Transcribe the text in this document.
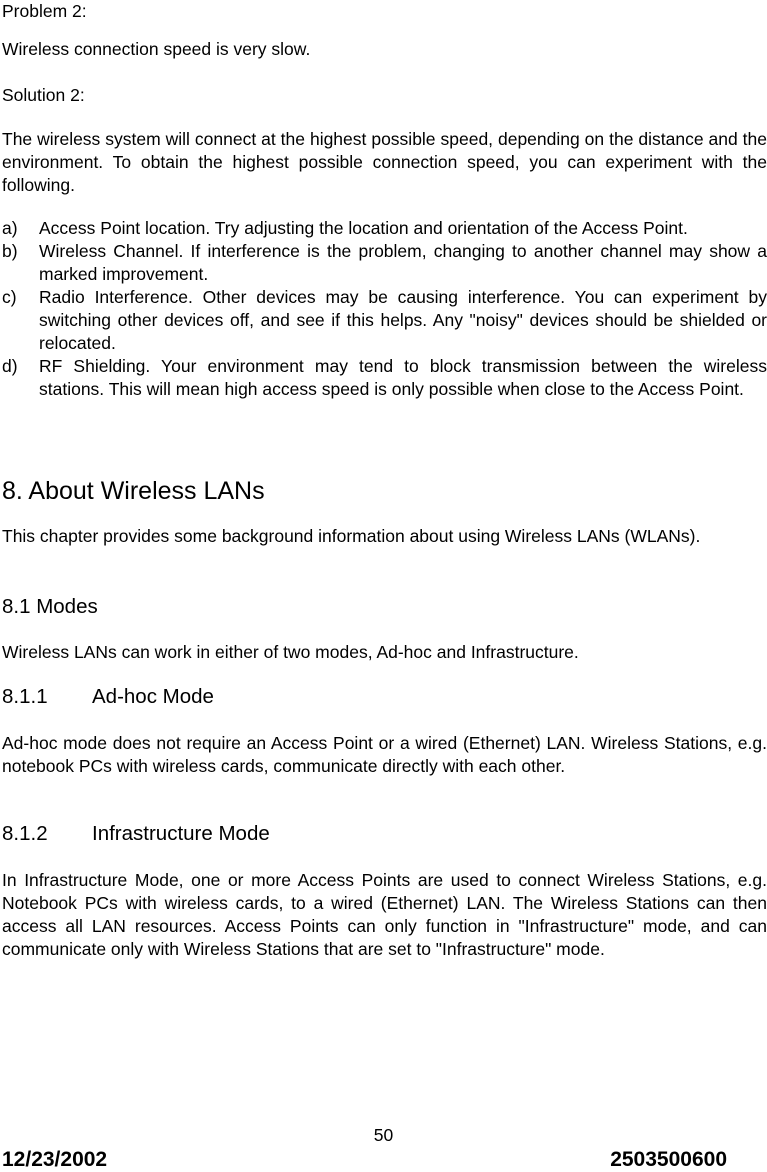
Problem 2:

Wireless connection speed is very slow.

Solution 2:

The wireless system will connect at the highest possible speed, depending on the distance and the environment. To obtain the highest possible connection speed, you can experiment with the following.

a) Access Point location. Try adjusting the location and orientation of the Access Point.
b) Wireless Channel. If interference is the problem, changing to another channel may show a marked improvement.
c) Radio Interference. Other devices may be causing interference. You can experiment by switching other devices off, and see if this helps. Any "noisy" devices should be shielded or relocated.
d) RF Shielding. Your environment may tend to block transmission between the wireless stations. This will mean high access speed is only possible when close to the Access Point.
8. About Wireless LANs

This chapter provides some background information about using Wireless LANs (WLANs).

8.1 Modes

Wireless LANs can work in either of two modes, Ad-hoc and Infrastructure.

8.1.1 Ad-hoc Mode

Ad-hoc mode does not require an Access Point or a wired (Ethernet) LAN. Wireless Stations, e.g. notebook PCs with wireless cards, communicate directly with each other.

8.1.2 Infrastructure Mode

In Infrastructure Mode, one or more Access Points are used to connect Wireless Stations, e.g. Notebook PCs with wireless cards, to a wired (Ethernet) LAN. The Wireless Stations can then access all LAN resources. Access Points can only function in "Infrastructure" mode, and can communicate only with Wireless Stations that are set to "Infrastructure" mode.

50
12/23/2002	2503500600
